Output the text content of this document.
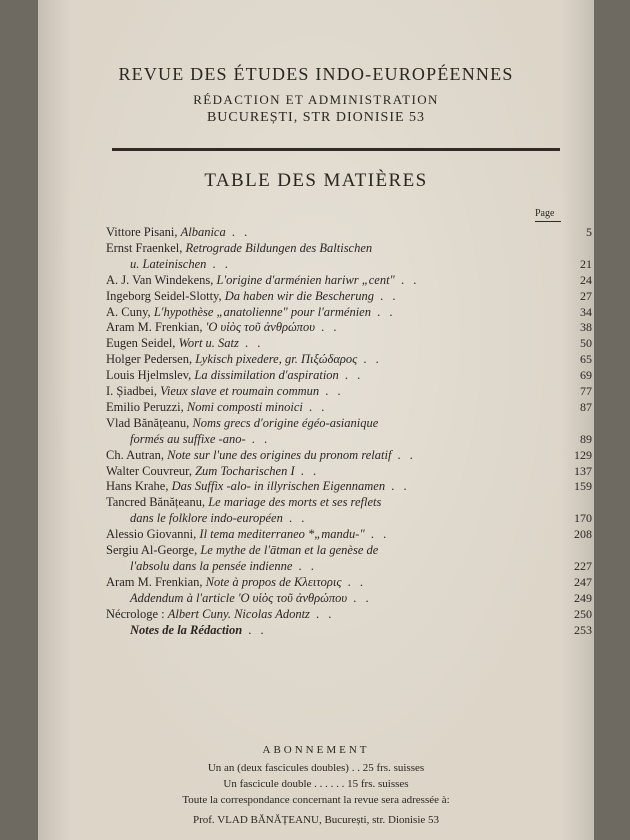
REVUE DES ÉTUDES INDO-EUROPÉENNES
RÉDACTION ET ADMINISTRATION
BUCUREȘTI, STR DIONISIE 53
TABLE DES MATIÈRES
Page
Vittore Pisani, Albanica . .	5
Ernst Fraenkel, Retrograde Bildungen des Baltischen
u. Lateinischen . .	21
A. J. Van Windekens, L'origine d'arménien hariwr „cent" . .	24
Ingeborg Seidel-Slotty, Da haben wir die Bescherung . .	27
A. Cuny, L'hypothèse „anatolienne" pour l'arménien . .	34
Aram M. Frenkian, 'Ο υἱὸς τοῦ ἀνθρώπου . .	38
Eugen Seidel, Wort u. Satz . .	50
Holger Pedersen, Lykisch pixedere, gr. Πιξώδαρος . .	65
Louis Hjelmslev, La dissimilation d'aspiration . .	69
I. Șiadbei, Vieux slave et roumain commun . .	77
Emilio Peruzzi, Nomi composti minoici . .	87
Vlad Bănățeanu, Noms grecs d'origine égéo-asianique
formés au suffixe -ano- . .	89
Ch. Autran, Note sur l'une des origines du pronom relatif . .	129
Walter Couvreur, Zum Tocharischen I . .	137
Hans Krahe, Das Suffix -alo- in illyrischen Eigennamen . .	159
Tancred Bănățeanu, Le mariage des morts et ses reflets
dans le folklore indo-européen . .	170
Alessio Giovanni, Il tema mediterraneo *„mandu-" . .	208
Sergiu Al-George, Le mythe de l'ātman et la genèse de
l'absolu dans la pensée indienne . .	227
Aram M. Frenkian, Note à propos de Κλειτορις . .	247
Addendum à l'article 'Ο υἱὸς τοῦ ἀνθρώπου . .	249
Nécrologe : Albert Cuny. Nicolas Adontz . .	250
Notes de la Rédaction . .	253
ABONNEMENT
Un an (deux fascicules doubles) . . 25 frs. suisses
Un fascicule double . . . . . . 15 frs. suisses
Toute la correspondance concernant la revue sera adressée à:
Prof. VLAD BĂNĂȚEANU, București, str. Dionisie 53
